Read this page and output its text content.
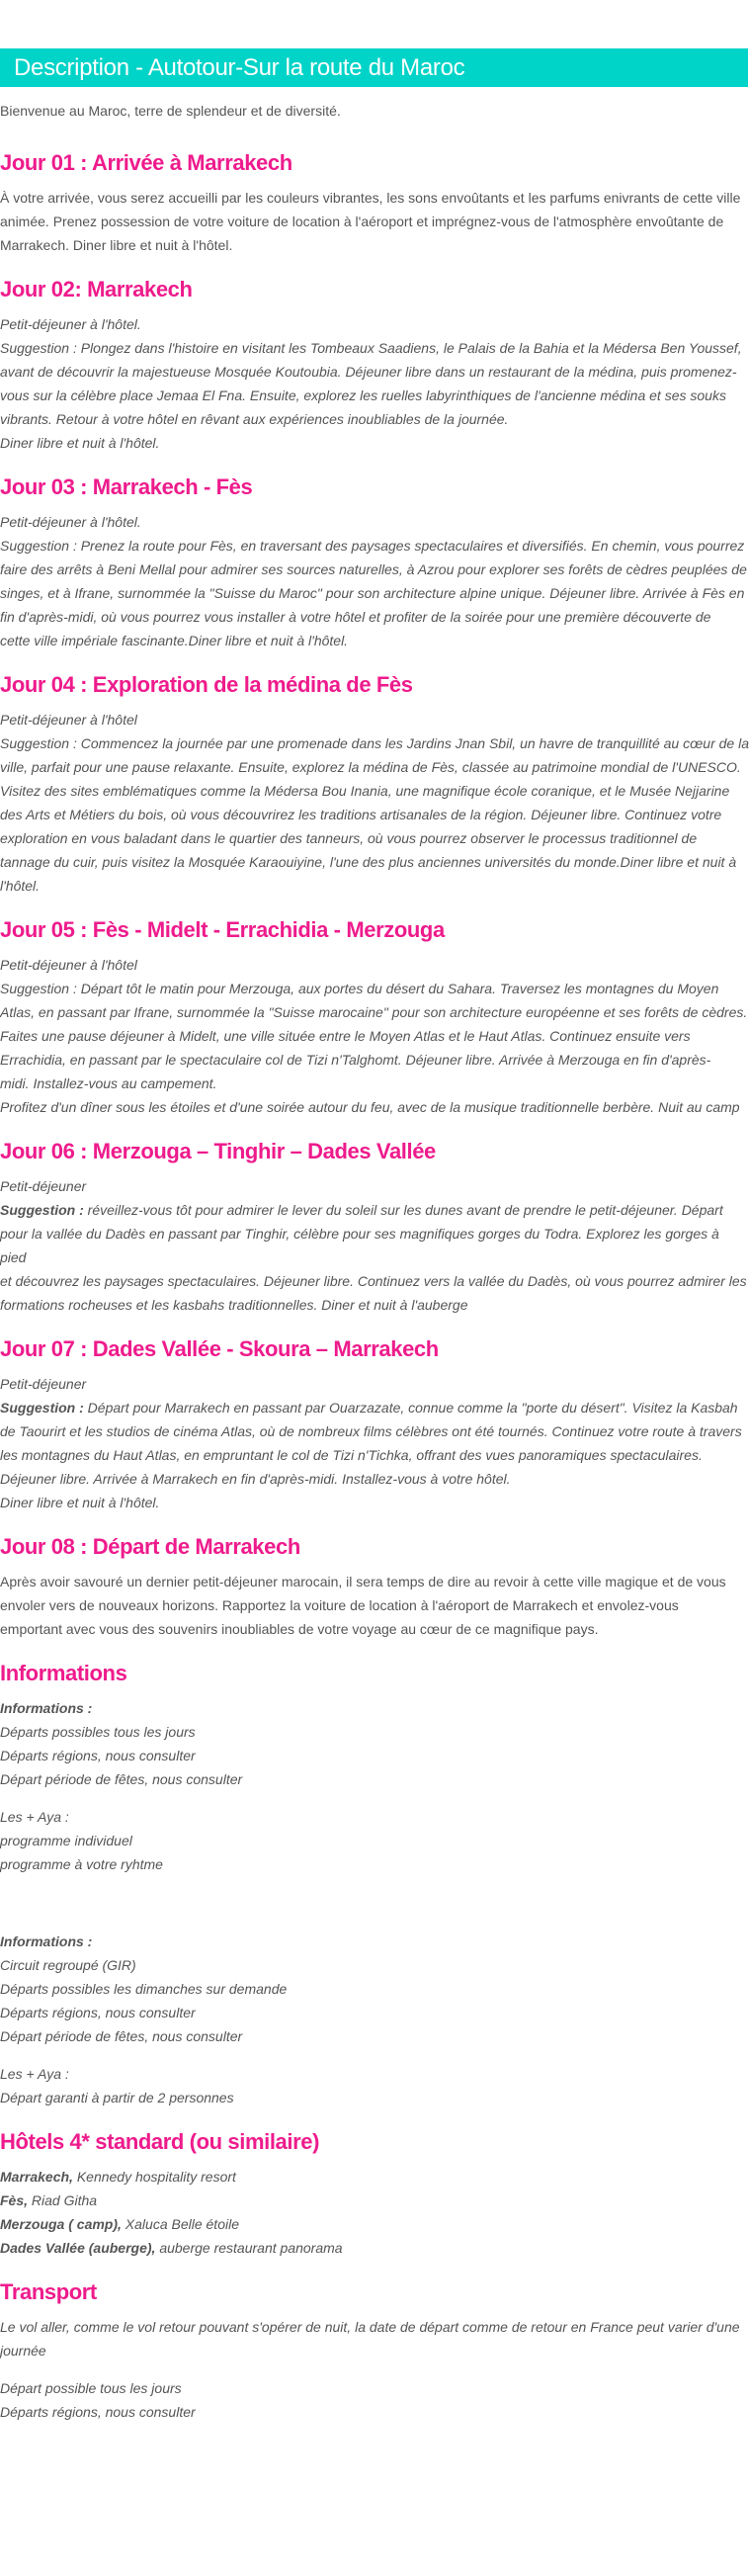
Description - Autotour-Sur la route du Maroc

Bienvenue au Maroc, terre de splendeur et de diversité.

Jour 01 : Arrivée à Marrakech

À votre arrivée, vous serez accueilli par les couleurs vibrantes, les sons envoûtants et les parfums enivrants de cette ville

animée. Prenez possession de votre voiture de location à l'aéroport et imprégnez-vous de l'atmosphère envoûtante de

Marrakech. Diner libre et nuit à l'hôtel.

Jour 02: Marrakech

Petit-déjeuner à l'hôtel.

Suggestion : Plongez dans l'histoire en visitant les Tombeaux Saadiens, le Palais de la Bahia et la Médersa Ben Youssef,

avant de découvrir la majestueuse Mosquée Koutoubia. Déjeuner libre dans un restaurant de la médina, puis promenez-

vous sur la célèbre place Jemaa El Fna. Ensuite, explorez les ruelles labyrinthiques de l'ancienne médina et ses souks

vibrants. Retour à votre hôtel en rêvant aux expériences inoubliables de la journée.

Diner libre et nuit à l'hôtel.

Jour 03 : Marrakech - Fès

Petit-déjeuner à l'hôtel.

Suggestion : Prenez la route pour Fès, en traversant des paysages spectaculaires et diversifiés. En chemin, vous pourrez

faire des arrêts à Beni Mellal pour admirer ses sources naturelles, à Azrou pour explorer ses forêts de cèdres peuplées de

singes, et à Ifrane, surnommée la "Suisse du Maroc" pour son architecture alpine unique. Déjeuner libre. Arrivée à Fès en

fin d'après-midi, où vous pourrez vous installer à votre hôtel et profiter de la soirée pour une première découverte de

cette ville impériale fascinante.Diner libre et nuit à l'hôtel.

Jour 04 : Exploration de la médina de Fès

Petit-déjeuner à l'hôtel

Suggestion : Commencez la journée par une promenade dans les Jardins Jnan Sbil, un havre de tranquillité au cœur de la

ville, parfait pour une pause relaxante. Ensuite, explorez la médina de Fès, classée au patrimoine mondial de l'UNESCO.

Visitez des sites emblématiques comme la Médersa Bou Inania, une magnifique école coranique, et le Musée Nejjarine

des Arts et Métiers du bois, où vous découvrirez les traditions artisanales de la région. Déjeuner libre. Continuez votre

exploration en vous baladant dans le quartier des tanneurs, où vous pourrez observer le processus traditionnel de

tannage du cuir, puis visitez la Mosquée Karaouiyine, l'une des plus anciennes universités du monde.Diner libre et nuit à

l'hôtel.

Jour 05 : Fès - Midelt - Errachidia - Merzouga

Petit-déjeuner à l'hôtel

Suggestion : Départ tôt le matin pour Merzouga, aux portes du désert du Sahara. Traversez les montagnes du Moyen

Atlas, en passant par Ifrane, surnommée la "Suisse marocaine" pour son architecture européenne et ses forêts de cèdres.

Faites une pause déjeuner à Midelt, une ville située entre le Moyen Atlas et le Haut Atlas. Continuez ensuite vers

Errachidia, en passant par le spectaculaire col de Tizi n'Talghomt. Déjeuner libre. Arrivée à Merzouga en fin d'après-

midi. Installez-vous au campement.

Profitez d'un dîner sous les étoiles et d'une soirée autour du feu, avec de la musique traditionnelle berbère. Nuit au camp

Jour 06 : Merzouga – Tinghir – Dades Vallée

Petit-déjeuner

Suggestion : réveillez-vous tôt pour admirer le lever du soleil sur les dunes avant de prendre le petit-déjeuner. Départ

pour la vallée du Dadès en passant par Tinghir, célèbre pour ses magnifiques gorges du Todra. Explorez les gorges à pied

et découvrez les paysages spectaculaires. Déjeuner libre. Continuez vers la vallée du Dadès, où vous pourrez admirer les

formations rocheuses et les kasbahs traditionnelles. Diner et nuit à l'auberge

Jour 07 : Dades Vallée - Skoura – Marrakech

Petit-déjeuner

Suggestion : Départ pour Marrakech en passant par Ouarzazate, connue comme la "porte du désert". Visitez la Kasbah

de Taourirt et les studios de cinéma Atlas, où de nombreux films célèbres ont été tournés. Continuez votre route à travers

les montagnes du Haut Atlas, en empruntant le col de Tizi n'Tichka, offrant des vues panoramiques spectaculaires.

Déjeuner libre. Arrivée à Marrakech en fin d'après-midi. Installez-vous à votre hôtel.

Diner libre et nuit à l'hôtel.

Jour 08 : Départ de Marrakech

Après avoir savouré un dernier petit-déjeuner marocain, il sera temps de dire au revoir à cette ville magique et de vous

envoler vers de nouveaux horizons. Rapportez la voiture de location à l'aéroport de Marrakech et envolez-vous

emportant avec vous des souvenirs inoubliables de votre voyage au cœur de ce magnifique pays.

Informations

Informations :

Départs possibles tous les jours

Départs régions, nous consulter

Départ période de fêtes, nous consulter

Les + Aya :

programme individuel

programme à votre ryhtme

Informations :

Circuit regroupé (GIR)

Départs possibles les dimanches sur demande

Départs régions, nous consulter

Départ période de fêtes, nous consulter

Les + Aya :

Départ garanti à partir de 2 personnes

Hôtels 4* standard (ou similaire)

Marrakech, Kennedy hospitality resort

Fès, Riad Githa

Merzouga ( camp), Xaluca Belle étoile

Dades Vallée (auberge), auberge restaurant panorama

Transport

Le vol aller, comme le vol retour pouvant s'opérer de nuit, la date de départ comme de retour en France peut varier d'une

journée

Départ possible tous les jours

Départs régions, nous consulter
